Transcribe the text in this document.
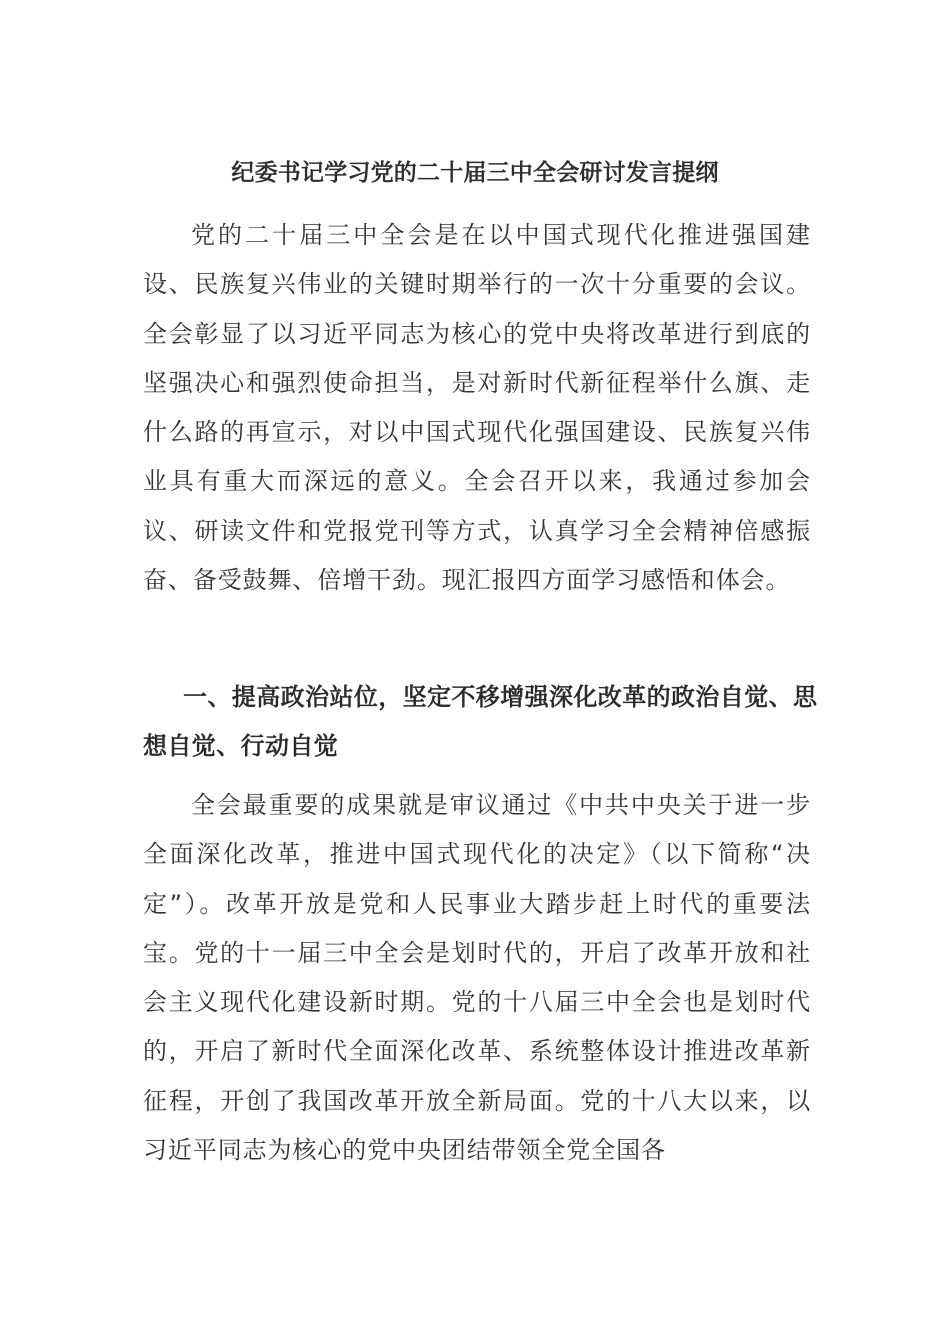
纪委书记学习党的二十届三中全会研讨发言提纲

党的二十届三中全会是在以中国式现代化推进强国建设、民族复兴伟业的关键时期举行的一次十分重要的会议。全会彰显了以习近平同志为核心的党中央将改革进行到底的坚强决心和强烈使命担当，是对新时代新征程举什么旗、走什么路的再宣示，对以中国式现代化强国建设、民族复兴伟业具有重大而深远的意义。全会召开以来，我通过参加会议、研读文件和党报党刊等方式，认真学习全会精神倍感振奋、备受鼓舞、倍增干劲。现汇报四方面学习感悟和体会。

一、提高政治站位，坚定不移增强深化改革的政治自觉、思想自觉、行动自觉

全会最重要的成果就是审议通过《中共中央关于进一步全面深化改革，推进中国式现代化的决定》（以下简称“决定”）。改革开放是党和人民事业大踏步赶上时代的重要法宝。党的十一届三中全会是划时代的，开启了改革开放和社会主义现代化建设新时期。党的十八届三中全会也是划时代的，开启了新时代全面深化改革、系统整体设计推进改革新征程，开创了我国改革开放全新局面。党的十八大以来，以习近平同志为核心的党中央团结带领全党全国各
